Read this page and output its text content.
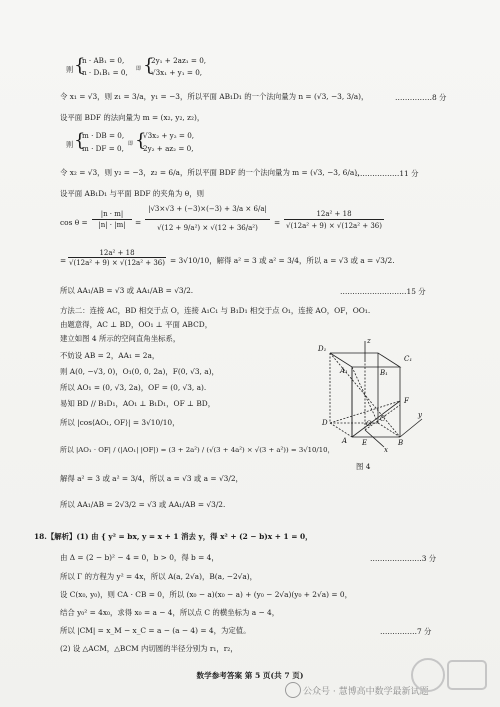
则 {
n · AB₁ = 0,
n · D₁B₁ = 0, 即 {
2y₁ + 2az₁ = 0,
√3x₁ + y₁ = 0,
令 x₁ = √3，则 z₁ = 3/a，y₁ = −3，所以平面 AB₁D₁ 的一个法向量为 n = (√3, −3, 3/a)，	……………8 分
设平面 BDF 的法向量为 m = (x₂, y₂, z₂)，
则 {
m · DB = 0,
m · DF = 0, 即 {
√3x₂ + y₂ = 0,
2y₂ + az₂ = 0,
令 x₂ = √3，则 y₂ = −3，z₂ = 6/a，所以平面 BDF 的一个法向量为 m = (√3, −3, 6/a)，
………………11 分
设平面 AB₁D₁ 与平面 BDF 的夹角为 θ，则
cos θ =
|n · m|
|n| · |m|	=
|√3×√3 + (−3)×(−3) + 3/a × 6/a|
√(12 + 9/a²) × √(12 + 36/a²)
=
12a² + 18
√(12a² + 9) × √(12a² + 36)
=
12a² + 18
√(12a² + 9) × √(12a² + 36) = 3√10/10，解得 a² = 3 或 a² = 3/4，所以 a = √3 或 a = √3/2.
所以 AA₁/AB = √3 或 AA₁/AB = √3/2.	………………………15 分
方法二：连接 AC，BD 相交于点 O，连接 A₁C₁ 与 B₁D₁ 相交于点 O₁，连接 AO，OF，OO₁.
由题意得，AC ⊥ BD，OO₁ ⊥ 平面 ABCD，
建立如图 4 所示的空间直角坐标系，
不妨设 AB = 2，AA₁ = 2a，
则 A(0, −√3, 0)，O₁(0, 0, 2a)，F(0, √3, a)，
所以 AO₁ = (0, √3, 2a)，OF = (0, √3, a).
易知 BD // B₁D₁，AO₁ ⊥ B₁D₁，OF ⊥ BD，
所以 |cos⟨AO₁, OF⟩| = 3√10/10，
所以 |AO₁ · OF| / (|AO₁| |OF|) = (3 + 2a²) / (√(3 + 4a²) × √(3 + a²)) = 3√10/10，
解得 a² = 3 或 a² = 3/4，所以 a = √3 或 a = √3/2，
所以 AA₁/AB = 2√3/2 = √3 或 AA₁/AB = √3/2.
D₁
z
C₁
A₁	B₁
F
D	O
C	y
A E	B
x
图 4
18.【解析】(1) 由 { y² = bx, y = x + 1 消去 y，得 x² + (2 − b)x + 1 = 0，
由 Δ = (2 − b)² − 4 = 0，b > 0，得 b = 4，	…………………3 分
所以 Γ 的方程为 y² = 4x，所以 A(a, 2√a)，B(a, −2√a)，
设 C(x₀, y₀)，则 CA · CB = 0，所以 (x₀ − a)(x₀ − a) + (y₀ − 2√a)(y₀ + 2√a) = 0，
结合 y₀² = 4x₀，求得 x₀ = a − 4，所以点 C 的横坐标为 a − 4，
所以 |CM| = x_M − x_C = a − (a − 4) = 4，为定值。	……………7 分
(2) 设 △ACM，△BCM 内切圆的半径分别为 r₁，r₂，
数学参考答案 第 5 页(共 7 页)
公众号 · 慧博高中数学最新试题
